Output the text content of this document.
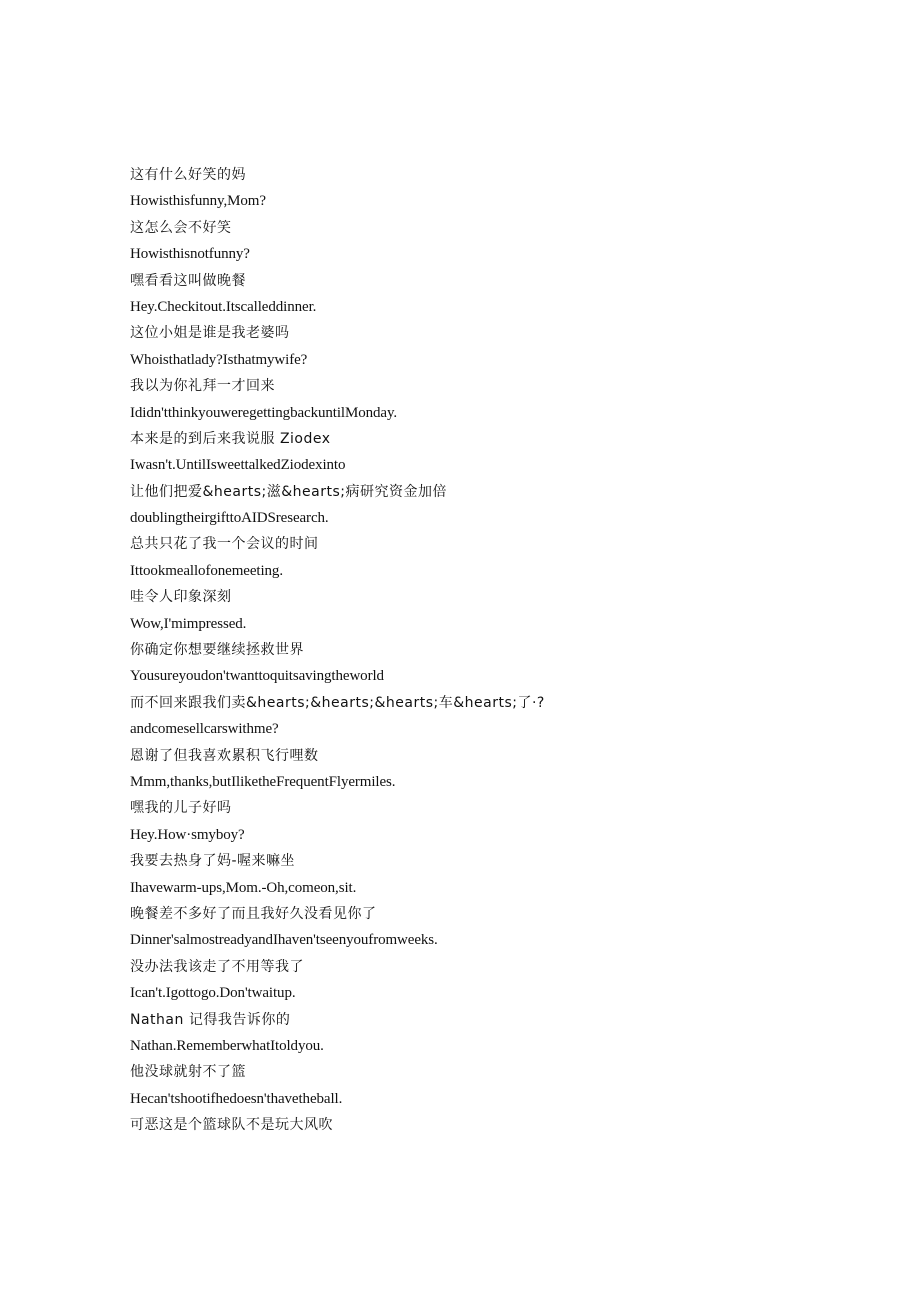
这有什么好笑的妈
Howisthisfunny,Mom?
这怎么会不好笑
Howisthisnotfunny?
嘿看看这叫做晚餐
Hey.Checkitout.Itscalleddinner.
这位小姐是谁是我老婆吗
Whoisthatlady?Isthatmywife?
我以为你礼拜一才回来
Ididn'tthinkyouweregettingbackuntilMonday.
本来是的到后来我说服 Ziodex
Iwasn't.UntilIsweettalkedZiodexinto
让他们把爱&hearts;滋&hearts;病研究资金加倍
doublingtheirgifttoAIDSresearch.
总共只花了我一个会议的时间
Ittookmeallofonemeeting.
哇令人印象深刻
Wow,I'mimpressed.
你确定你想要继续拯救世界
Yousureyoudon'twanttoquitsavingtheworld
而不回来跟我们卖&hearts;&hearts;&hearts;车&hearts;了·?
andcomesellcarswithme?
恩谢了但我喜欢累积飞行哩数
Mmm,thanks,butIliketheFrequentFlyermiles.
嘿我的儿子好吗
Hey.How·smyboy?
我要去热身了妈-喔来嘛坐
Ihavewarm-ups,Mom.-Oh,comeon,sit.
晚餐差不多好了而且我好久没看见你了
Dinner'salmostreadyandIhaven'tseenyoufromweeks.
没办法我该走了不用等我了
Ican't.Igottogo.Don'twaitup.
Nathan 记得我告诉你的
Nathan.RememberwhatItoldyou.
他没球就射不了篮
Hecan'tshootifhedoesn'thavetheball.
可恶这是个篮球队不是玩大风吹
